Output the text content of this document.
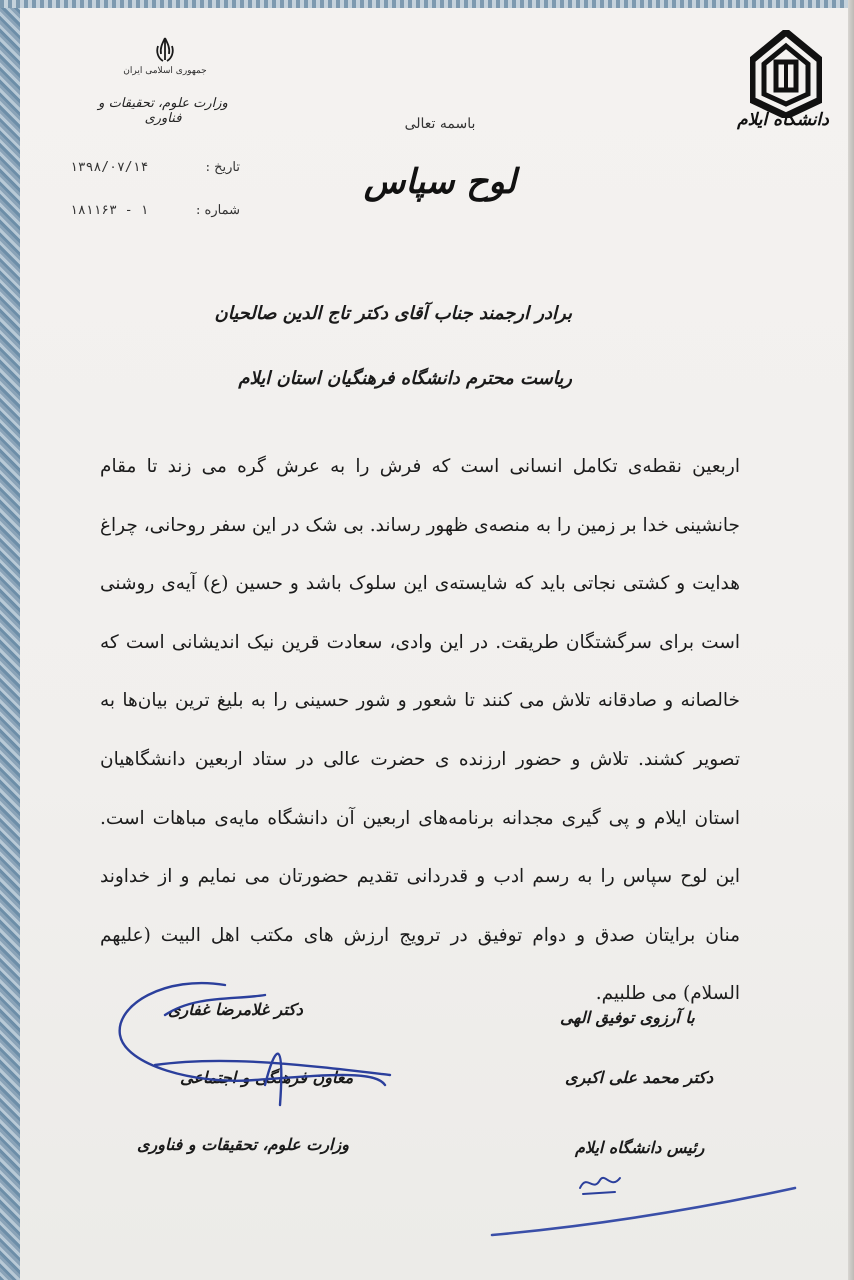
جمهوری اسلامی ایران
وزارت علوم، تحقیقات و فناوری
۱۳۹۸/۰۷/۱۴	تاریخ :
۱۸۱۱۶۳ - ۱	شماره :
دانشگاه ایلام
باسمه تعالی
لوح سپاس
برادر ارجمند جناب آقای دکتر تاج الدین صالحیان
ریاست محترم دانشگاه فرهنگیان استان ایلام
اربعین نقطه‌ی تکامل انسانی است که فرش را به عرش گره می زند تا مقام جانشینی خدا بر زمین را به منصه‌ی ظهور رساند. بی شک در این سفر روحانی، چراغ هدایت و کشتی نجاتی باید که شایسته‌ی این سلوک باشد و حسین (ع) آیه‌ی روشنی است برای سرگشتگان طریقت. در این وادی، سعادت قرین نیک اندیشانی است که خالصانه و صادقانه تلاش می کنند تا شعور و شور حسینی را به بلیغ ترین بیان‌ها به تصویر کشند. تلاش و حضور ارزنده ی حضرت عالی در ستاد اربعین دانشگاهیان استان ایلام و پی گیری مجدانه برنامه‌های اربعین آن دانشگاه مایه‌ی مباهات است. این لوح سپاس را به رسم ادب و قدردانی تقدیم حضورتان می نمایم و از خداوند منان برایتان صدق و دوام توفیق در ترویج ارزش های مکتب اهل البیت (علیهم السلام) می طلبیم.
دکتر غلامرضا غفاری
معاون فرهنگی و اجتماعی
وزارت علوم، تحقیقات و فناوری
با آرزوی توفیق الهی
دکتر محمد علی اکبری
رئیس دانشگاه ایلام
